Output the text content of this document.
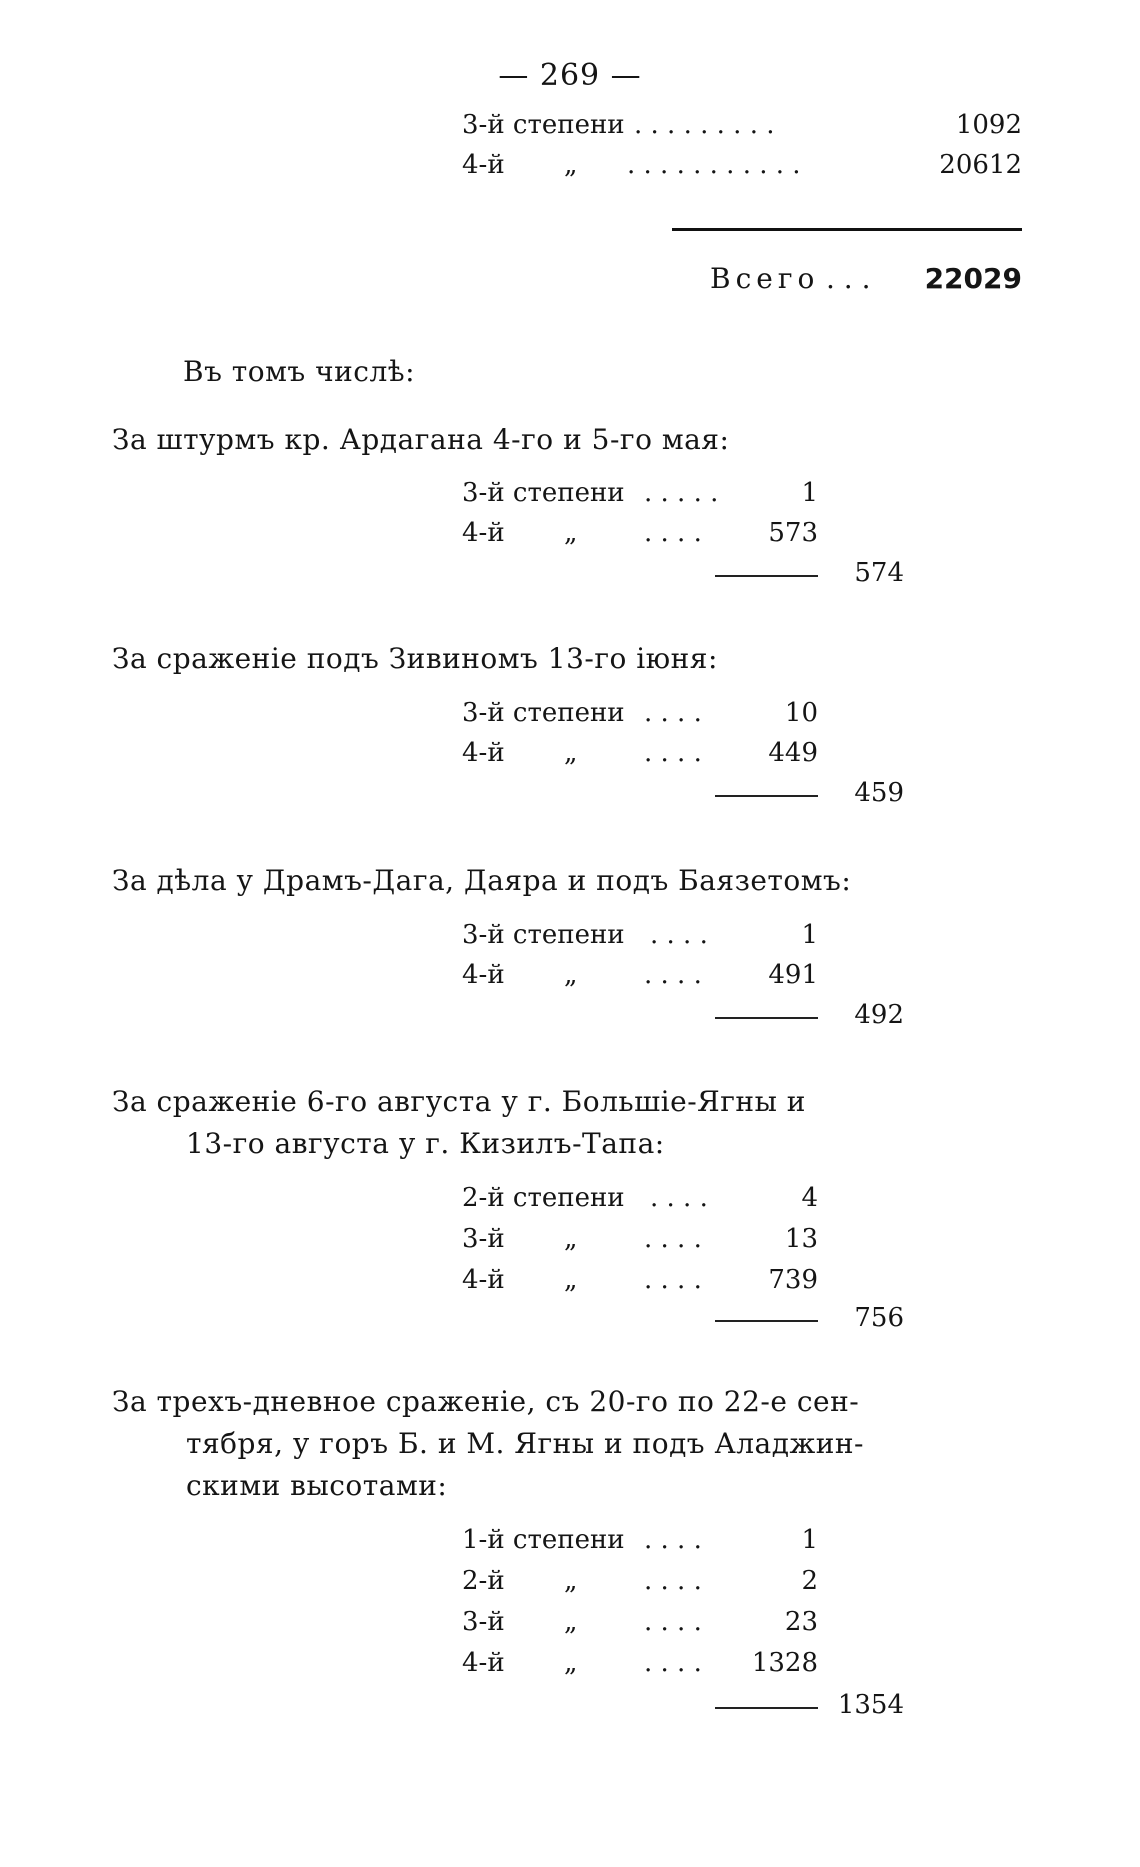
— 269 —
3-й степени . . . . . . . . .	1092
4-й „ . . . . . . . . . . .	20612
Всего . . . 22029
Въ томъ числѣ:
За штурмъ кр. Ардагана 4-го и 5-го мая:
3-й степени . . . . .	1
4-й „	. . . .	573
574
За сраженіе подъ Зивиномъ 13-го іюня:
3-й степени . . . .	10
4-й „	. . . .	449
459
За дѣла у Драмъ-Дага, Даяра и подъ Баязетомъ:
3-й степени . . . .	1
4-й „	. . . .	491
492
За сраженіе 6-го августа у г. Большіе-Ягны и
13-го августа у г. Кизилъ-Тапа:
2-й степени . . . .	4
3-й „	. . . .	13
4-й „	. . . .	739
756
За трехъ-дневное сраженіе, съ 20-го по 22-е сен-
тября, у горъ Б. и М. Ягны и подъ Аладжин-
скими высотами:
1-й степени . . . .	1
2-й „	. . . .	2
3-й „	. . . .	23
4-й „	. . . . 1328
1354
